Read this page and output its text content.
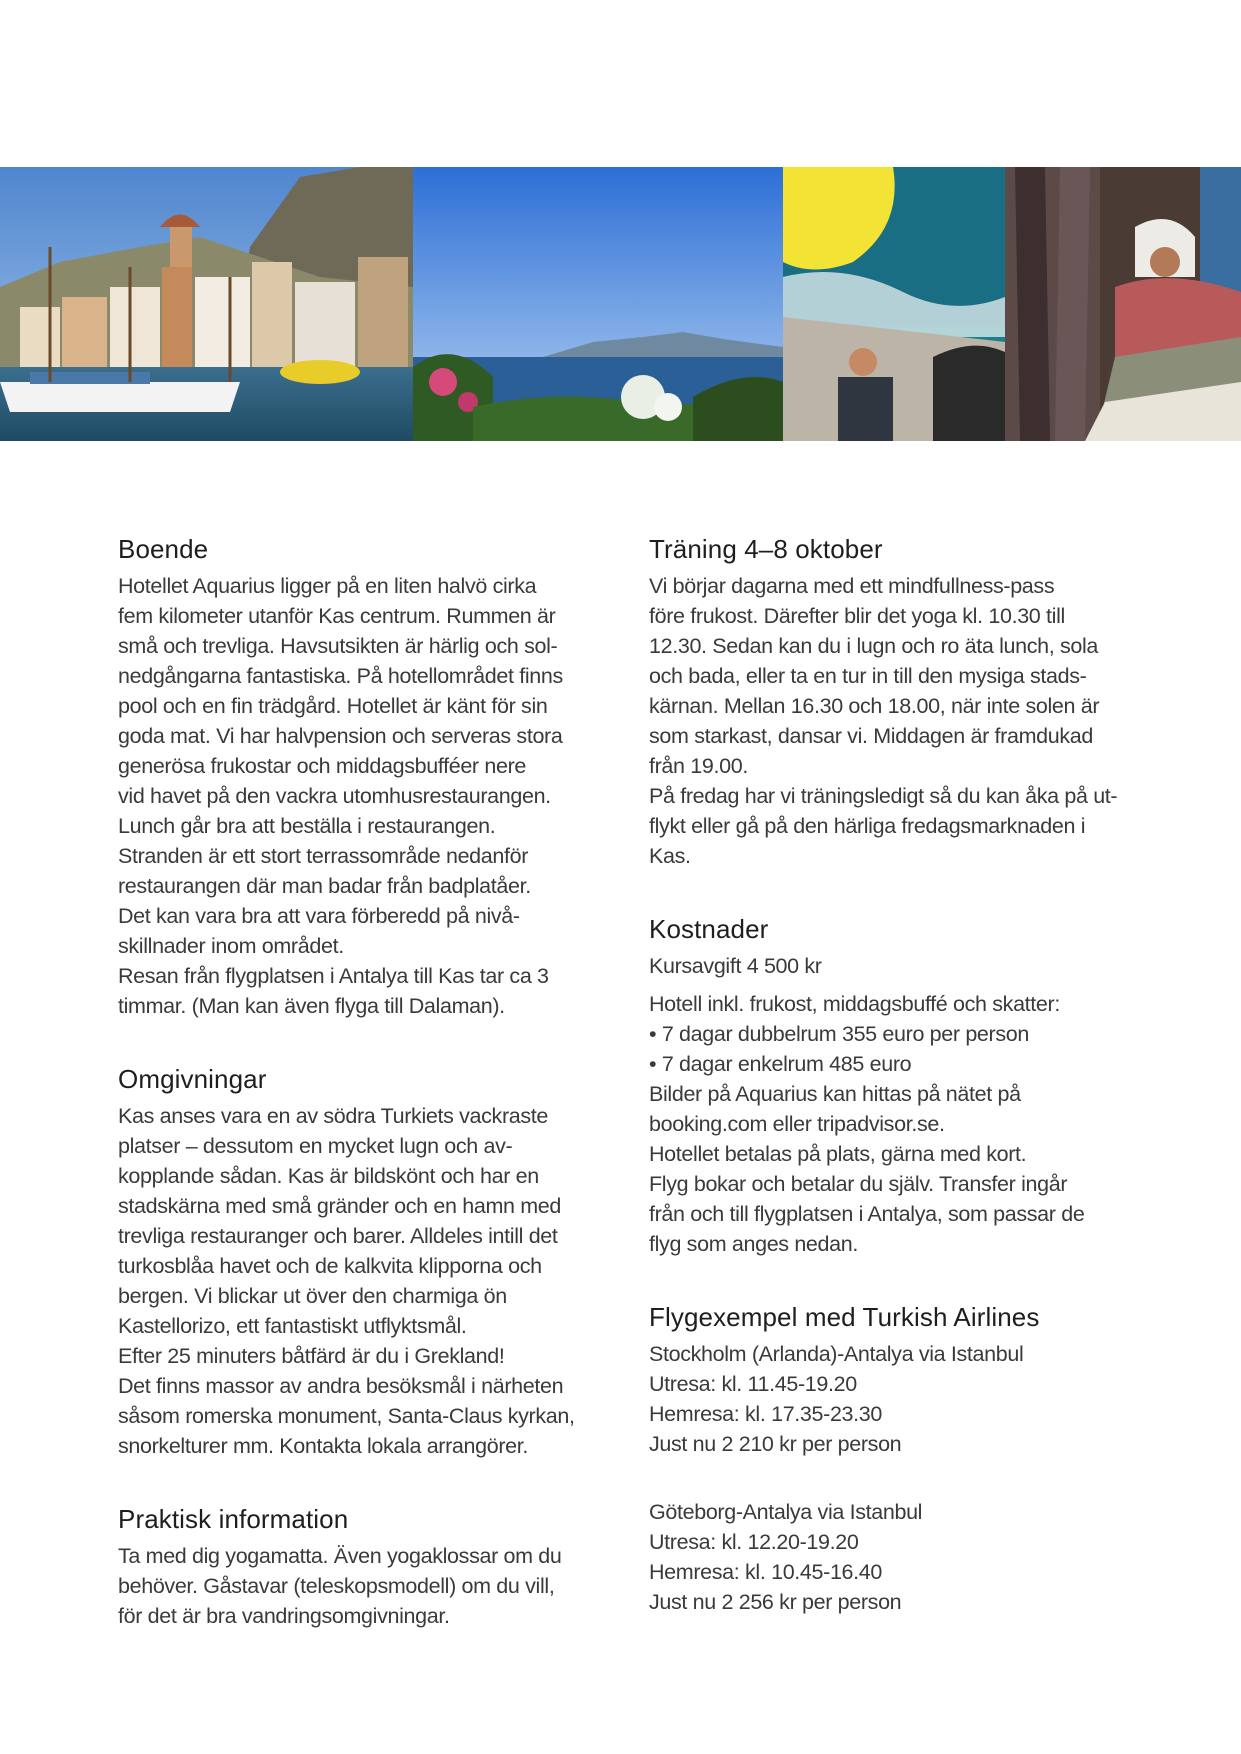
Boende

Hotellet Aquarius ligger på en liten halvö cirka
fem kilometer utanför Kas centrum. Rummen är
små och trevliga. Havsutsikten är härlig och sol-
nedgångarna fantastiska. På hotellområdet finns
pool och en fin trädgård. Hotellet är känt för sin
goda mat. Vi har halvpension och serveras stora
generösa frukostar och middagsbufféer nere
vid havet på den vackra utomhusrestaurangen.
Lunch går bra att beställa i restaurangen.
Stranden är ett stort terrassområde nedanför
restaurangen där man badar från badplatåer.
Det kan vara bra att vara förberedd på nivå-
skillnader inom området.
Resan från flygplatsen i Antalya till Kas tar ca 3
timmar. (Man kan även flyga till Dalaman).

Omgivningar

Kas anses vara en av södra Turkiets vackraste
platser – dessutom en mycket lugn och av-
kopplande sådan. Kas är bildskönt och har en
stadskärna med små gränder och en hamn med
trevliga restauranger och barer. Alldeles intill det
turkosblåa havet och de kalkvita klipporna och
bergen. Vi blickar ut över den charmiga ön
Kastellorizo, ett fantastiskt utflyktsmål.
Efter 25 minuters båtfärd är du i Grekland!
Det finns massor av andra besöksmål i närheten
såsom romerska monument, Santa-Claus kyrkan,
snorkelturer mm. Kontakta lokala arrangörer.

Praktisk information

Ta med dig yogamatta. Även yogaklossar om du
behöver. Gåstavar (teleskopsmodell) om du vill,
för det är bra vandringsomgivningar.

Träning 4–8 oktober

Vi börjar dagarna med ett mindfullness-pass
före frukost. Därefter blir det yoga kl. 10.30 till
12.30. Sedan kan du i lugn och ro äta lunch, sola
och bada, eller ta en tur in till den mysiga stads-
kärnan. Mellan 16.30 och 18.00, när inte solen är
som starkast, dansar vi. Middagen är framdukad
från 19.00.
På fredag har vi träningsledigt så du kan åka på ut-
flykt eller gå på den härliga fredagsmarknaden i Kas.

Kostnader

Kursavgift 4 500 kr

Hotell inkl. frukost, middagsbuffé och skatter:
• 7 dagar dubbelrum 355 euro per person
• 7 dagar enkelrum 485 euro
Bilder på Aquarius kan hittas på nätet på
booking.com eller tripadvisor.se.
Hotellet betalas på plats, gärna med kort.
Flyg bokar och betalar du själv. Transfer ingår
från och till flygplatsen i Antalya, som passar de
flyg som anges nedan.

Flygexempel med Turkish Airlines

Stockholm (Arlanda)-Antalya via Istanbul
Utresa: kl. 11.45-19.20
Hemresa: kl. 17.35-23.30
Just nu 2 210 kr per person

Göteborg-Antalya via Istanbul
Utresa: kl. 12.20-19.20
Hemresa: kl. 10.45-16.40
Just nu 2 256 kr per person
